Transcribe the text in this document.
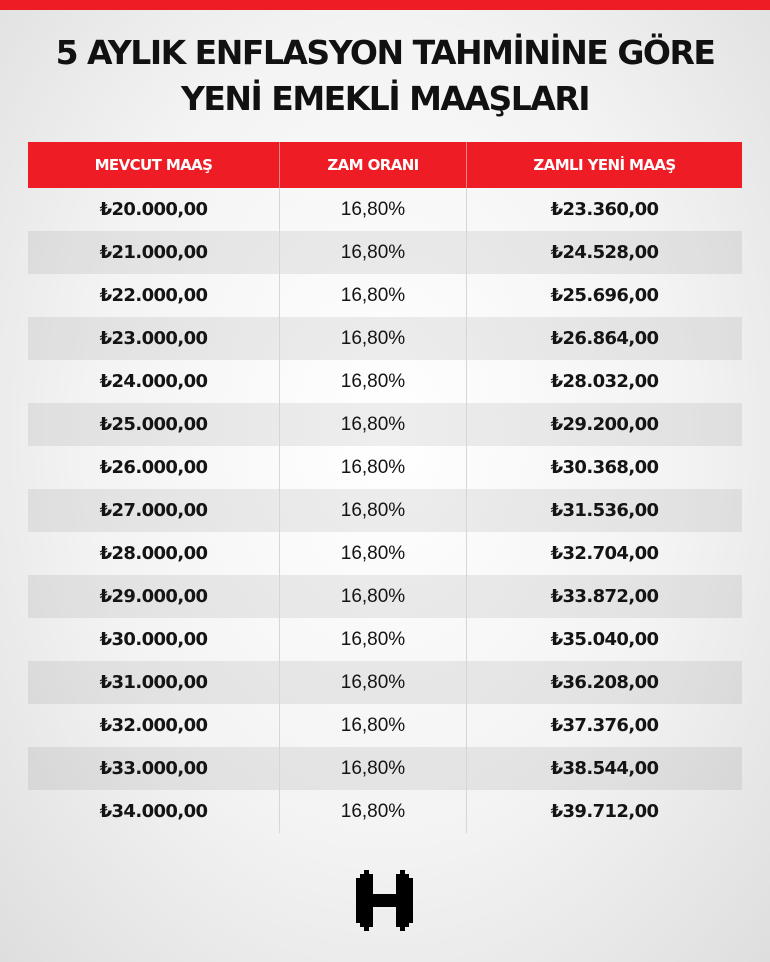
5 AYLIK ENFLASYON TAHMİNİNE GÖRE
YENİ EMEKLİ MAAŞLARI
MEVCUT MAAŞ	ZAM ORANI	ZAMLI YENİ MAAŞ
₺20.000,00	16,80%	₺23.360,00
₺21.000,00	16,80%	₺24.528,00
₺22.000,00	16,80%	₺25.696,00
₺23.000,00	16,80%	₺26.864,00
₺24.000,00	16,80%	₺28.032,00
₺25.000,00	16,80%	₺29.200,00
₺26.000,00	16,80%	₺30.368,00
₺27.000,00	16,80%	₺31.536,00
₺28.000,00	16,80%	₺32.704,00
₺29.000,00	16,80%	₺33.872,00
₺30.000,00	16,80%	₺35.040,00
₺31.000,00	16,80%	₺36.208,00
₺32.000,00	16,80%	₺37.376,00
₺33.000,00	16,80%	₺38.544,00
₺34.000,00	16,80%	₺39.712,00
